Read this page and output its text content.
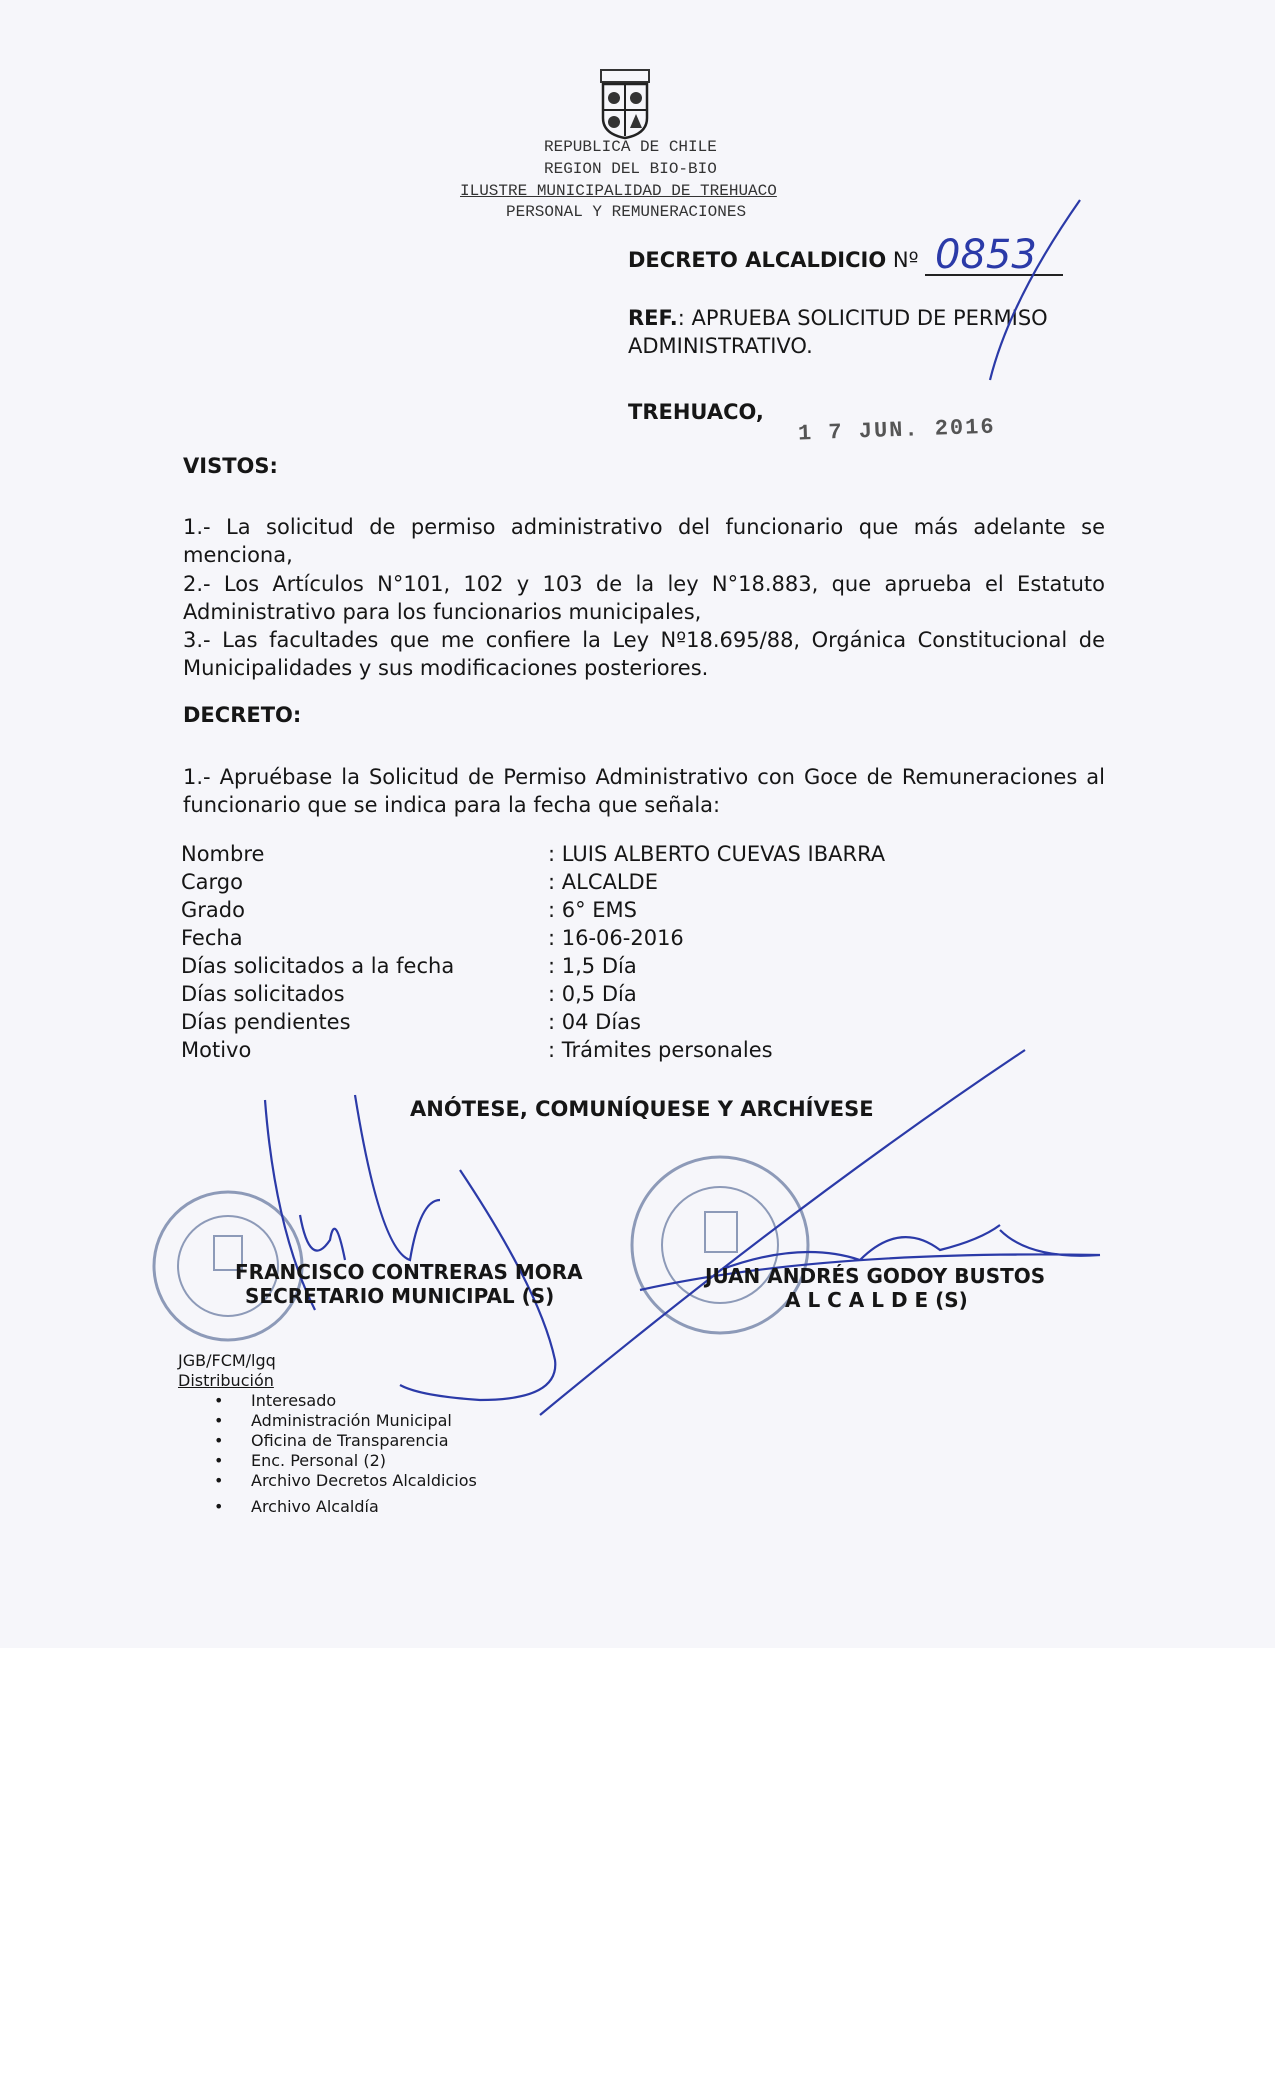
REPUBLICA DE CHILE
REGION DEL BIO-BIO
ILUSTRE MUNICIPALIDAD DE TREHUACO
PERSONAL Y REMUNERACIONES
DECRETO ALCALDICIO Nº 0853
REF.: APRUEBA SOLICITUD DE PERMISO
ADMINISTRATIVO.
TREHUACO,
1 7 JUN. 2016
VISTOS:
1.- La solicitud de permiso administrativo del funcionario que más adelante se menciona,
2.- Los Artículos N°101, 102 y 103 de la ley N°18.883, que aprueba el Estatuto Administrativo para los funcionarios municipales,
3.- Las facultades que me confiere la Ley Nº18.695/88, Orgánica Constitucional de Municipalidades y sus modificaciones posteriores.
DECRETO:
1.- Apruébase la Solicitud de Permiso Administrativo con Goce de Remuneraciones al funcionario que se indica para la fecha que señala:
Nombre	: LUIS ALBERTO CUEVAS IBARRA
Cargo	: ALCALDE
Grado	: 6° EMS
Fecha	: 16-06-2016
Días solicitados a la fecha	: 1,5 Día
Días solicitados	: 0,5 Día
Días pendientes	: 04 Días
Motivo	: Trámites personales
ANÓTESE, COMUNÍQUESE Y ARCHÍVESE
FRANCISCO CONTRERAS MORA
SECRETARIO MUNICIPAL (S)
JUAN ANDRÉS GODOY BUSTOS
A L C A L D E (S)
JGB/FCM/lgq
Distribución
• Interesado
• Administración Municipal
• Oficina de Transparencia
• Enc. Personal (2)
• Archivo Decretos Alcaldicios
• Archivo Alcaldía
